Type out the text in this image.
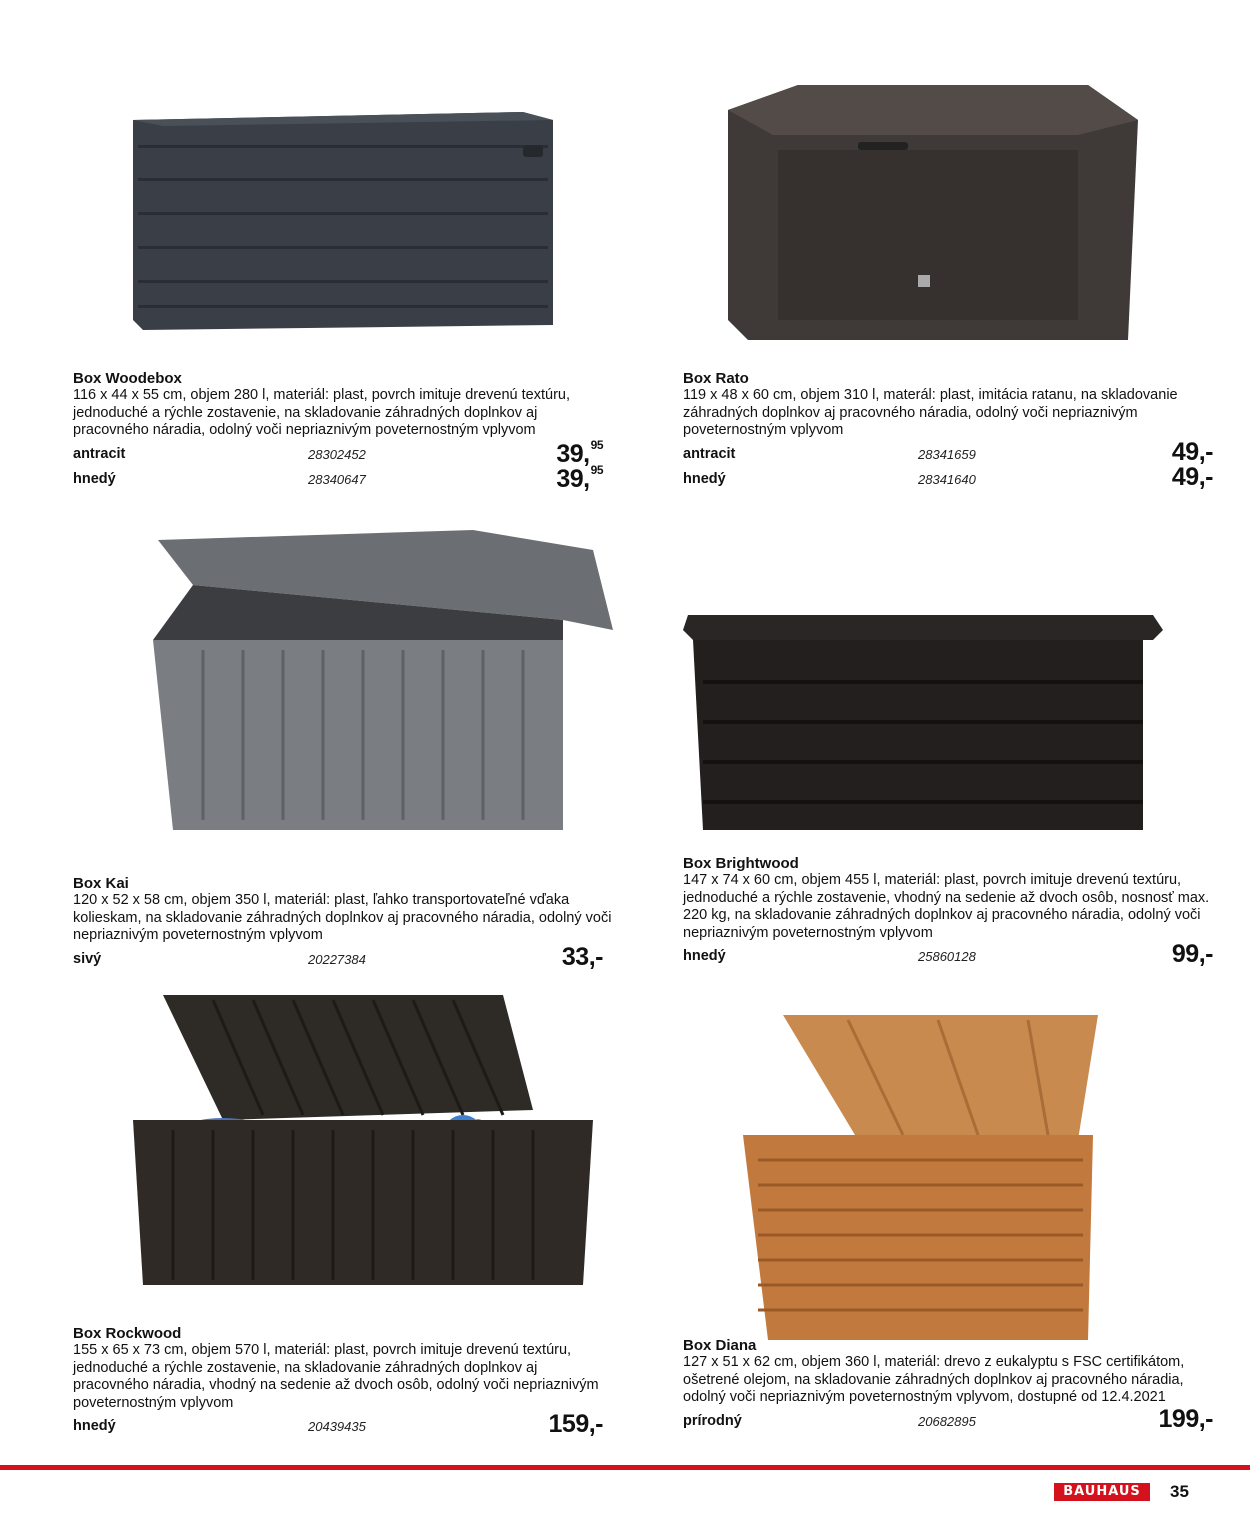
Box Woodebox
116 x 44 x 55 cm, objem 280 l, materiál: plast, povrch imituje drevenú textúru, jednoduché a rýchle zostavenie, na skladovanie záhradných doplnkov aj pracovného náradia, odolný voči nepriaznivým poveternostným vplyvom
antracit	28302452	39,95
hnedý	28340647	39,95
Box Rato
119 x 48 x 60 cm, objem 310 l, materál: plast, imitácia ratanu, na skladovanie záhradných doplnkov aj pracovného náradia, odolný voči nepriaznivým poveternostným vplyvom
antracit	28341659	49,-
hnedý	28341640	49,-
Box Kai
120 x 52 x 58 cm, objem 350 l, materiál: plast, ľahko transportovateľné vďaka kolieskam, na skladovanie záhradných doplnkov aj pracovného náradia, odolný voči nepriaznivým poveternostným vplyvom
sivý	20227384	33,-
Box Brightwood
147 x 74 x 60 cm, objem 455 l, materiál: plast, povrch imituje drevenú textúru, jednoduché a rýchle zostavenie, vhodný na sedenie až dvoch osôb, nosnosť max. 220 kg, na skladovanie záhradných doplnkov aj pracovného náradia, odolný voči nepriaznivým poveternostným vplyvom
hnedý	25860128	99,-
Box Rockwood
155 x 65 x 73 cm, objem 570 l, materiál: plast, povrch imituje drevenú textúru, jednoduché a rýchle zostavenie, na skladovanie záhradných doplnkov aj pracovného náradia, vhodný na sedenie až dvoch osôb, odolný voči nepriaznivým poveternostným vplyvom
hnedý	20439435	159,-
Box Diana
127 x 51 x 62 cm, objem 360 l, materiál: drevo z eukalyptu s FSC certifikátom, ošetrené olejom, na skladovanie záhradných doplnkov aj pracovného náradia, odolný voči nepriaznivým poveternostným vplyvom, dostupné od 12.4.2021
prírodný	20682895	199,-
BAUHAUS	35
